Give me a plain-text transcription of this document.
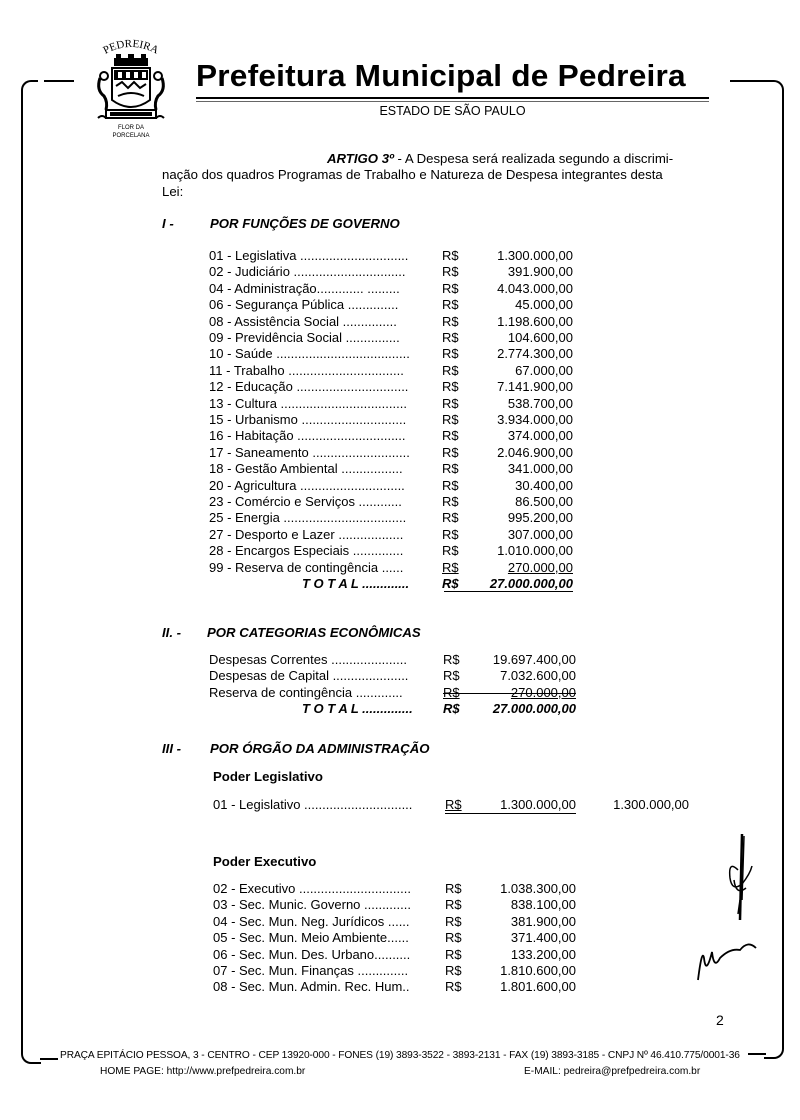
PEDREIRA
FLOR DA
PORCELANA
Prefeitura Municipal de Pedreira
ESTADO DE SÃO PAULO
ARTIGO 3º - A Despesa será realizada segundo a discrimi-
nação dos quadros Programas de Trabalho e Natureza de Despesa integrantes desta
Lei:
I -	POR FUNÇÕES DE GOVERNO
01 - Legislativa ..............................	R$	1.300.000,00
02 - Judiciário ...............................	R$	391.900,00
04 - Administração............. .........	R$	4.043.000,00
06 - Segurança Pública ..............	R$	45.000,00
08 - Assistência Social ...............	R$	1.198.600,00
09 - Previdência Social ...............	R$	104.600,00
10 - Saúde ..................................... R$	2.774.300,00
11 - Trabalho ................................	R$	67.000,00
12 - Educação ...............................	R$	7.141.900,00
13 - Cultura ...................................	R$	538.700,00
15 - Urbanismo .............................	R$	3.934.000,00
16 - Habitação ..............................	R$	374.000,00
17 - Saneamento ........................... R$	2.046.900,00
18 - Gestão Ambiental .................	R$	341.000,00
20 - Agricultura .............................	R$	30.400,00
23 - Comércio e Serviços ............	R$	86.500,00
25 - Energia ..................................	R$	995.200,00
27 - Desporto e Lazer ..................	R$	307.000,00
28 - Encargos Especiais ..............	R$	1.010.000,00
99 - Reserva de contingência ......	R$	270.000,00
T O T A L .............	R$ 27.000.000,00
II. - POR CATEGORIAS ECONÔMICAS
Despesas Correntes .....................	R$	19.697.400,00
Despesas de Capital .....................	R$	7.032.600,00
Reserva de contingência .............	R$	270.000,00
T O T A L .............. R$	27.000.000,00
III - POR ÓRGÃO DA ADMINISTRAÇÃO
Poder Legislativo
01 - Legislativo ..............................	R$	1.300.000,00	1.300.000,00
Poder Executivo
02 - Executivo ...............................	R$	1.038.300,00
03 - Sec. Munic. Governo .............	R$	838.100,00
04 - Sec. Mun. Neg. Jurídicos ......	R$	381.900,00
05 - Sec. Mun. Meio Ambiente......	R$	371.400,00
06 - Sec. Mun. Des. Urbano..........	R$	133.200,00
07 - Sec. Mun. Finanças ..............	R$	1.810.600,00
08 - Sec. Mun. Admin. Rec. Hum..	R$	1.801.600,00
2
PRAÇA EPITÁCIO PESSOA, 3 - CENTRO - CEP 13920-000 - FONES (19) 3893-3522 - 3893-2131 - FAX (19) 3893-3185 - CNPJ Nº 46.410.775/0001-36
HOME PAGE: http://www.prefpedreira.com.br	E-MAIL: pedreira@prefpedreira.com.br
